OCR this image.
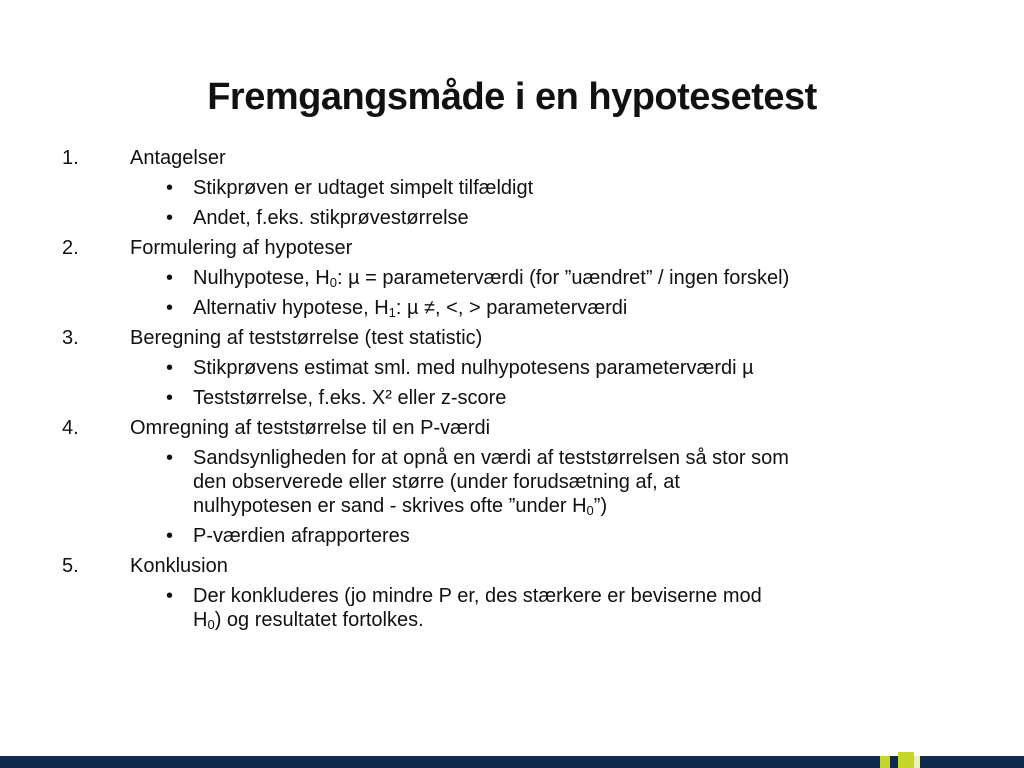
Fremgangsmåde i en hypotesetest
1.	Antagelser
• Stikprøven er udtaget simpelt tilfældigt
• Andet, f.eks. stikprøvestørrelse
2.	Formulering af hypoteser
• Nulhypotese, $H_0$: µ = parameterværdi (for ”uændret” / ingen forskel)
• Alternativ hypotese, $H_1$: µ ≠, <, > parameterværdi
3.	Beregning af teststørrelse (test statistic)
• Stikprøvens estimat sml. med nulhypotesens parameterværdi µ
• Teststørrelse, f.eks. X² eller z-score
4.	Omregning af teststørrelse til en P-værdi
• Sandsynligheden for at opnå en værdi af teststørrelsen så stor som
den observerede eller større (under forudsætning af, at
nulhypotesen er sand - skrives ofte ”under $H_0$”)
• P-værdien afrapporteres
5.	Konklusion
• Der konkluderes (jo mindre P er, des stærkere er beviserne mod
$H_0$) og resultatet fortolkes.
